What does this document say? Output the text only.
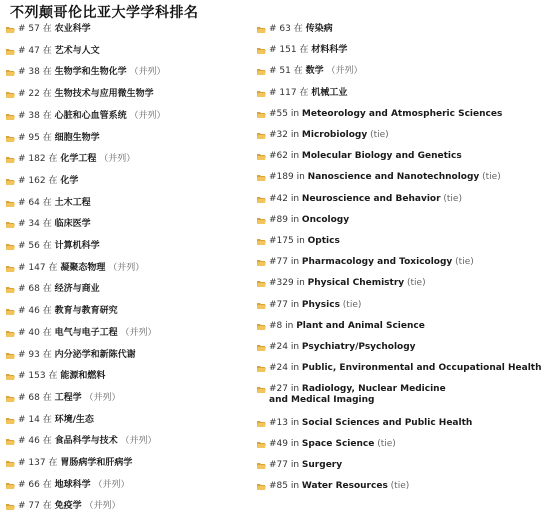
不列颠哥伦比亚大学学科排名
# 57 在 农业科学
# 47 在 艺术与人文
# 38 在 生物学和生物化学 （并列）
# 22 在 生物技术与应用微生物学
# 38 在 心脏和心血管系统 （并列）
# 95 在 细胞生物学
# 182 在 化学工程 （并列）
# 162 在 化学
# 64 在 土木工程
# 34 在 临床医学
# 56 在 计算机科学
# 147 在 凝聚态物理 （并列）
# 68 在 经济与商业
# 46 在 教育与教育研究
# 40 在 电气与电子工程 （并列）
# 93 在 内分泌学和新陈代谢
# 153 在 能源和燃料
# 68 在 工程学 （并列）
# 14 在 环境/生态
# 46 在 食品科学与技术 （并列）
# 137 在 胃肠病学和肝病学
# 66 在 地球科学 （并列）
# 77 在 免疫学 （并列）
# 63 在 传染病
# 151 在 材料科学
# 51 在 数学 （并列）
# 117 在 机械工业
#55 in Meteorology and Atmospheric Sciences
#32 in Microbiology (tie)
#62 in Molecular Biology and Genetics
#189 in Nanoscience and Nanotechnology (tie)
#42 in Neuroscience and Behavior (tie)
#89 in Oncology
#175 in Optics
#77 in Pharmacology and Toxicology (tie)
#329 in Physical Chemistry (tie)
#77 in Physics (tie)
#8 in Plant and Animal Science
#24 in Psychiatry/Psychology
#24 in Public, Environmental and Occupational Health
#27 in Radiology, Nuclear Medicine and Medical Imaging
#13 in Social Sciences and Public Health
#49 in Space Science (tie)
#77 in Surgery
#85 in Water Resources (tie)
